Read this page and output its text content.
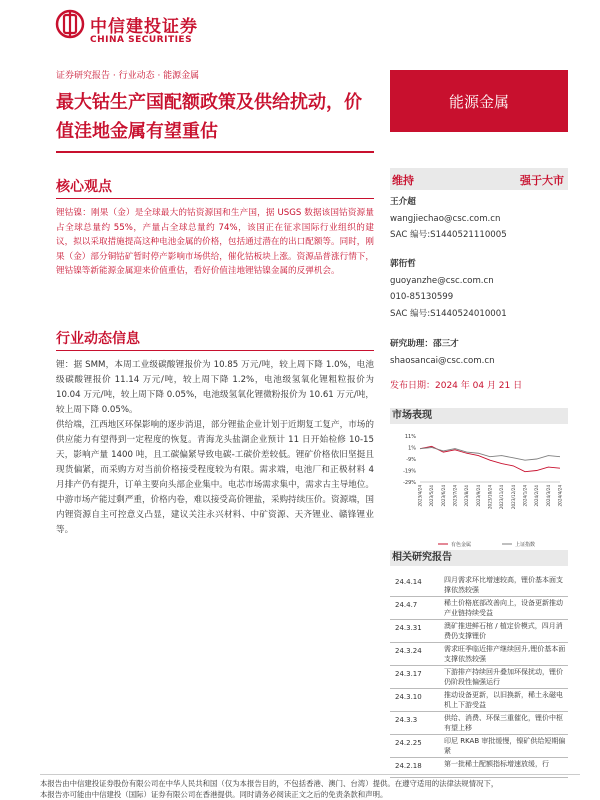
中信建投证券
CHINA SECURITIES
证券研究报告 · 行业动态 · 能源金属
最大钴生产国配额政策及供给扰动，价值洼地金属有望重估
能源金属
核心观点
锂钴镍：刚果（金）是全球最大的钴资源国和生产国，据 USGS 数据该国钴资源量占全球总量约 55%，产量占全球总量约 74%，该国正在征求国际行业组织的建议，拟以采取措施提高这种电池金属的价格，包括通过潜在的出口配额等。同时，刚果（金）部分铜钴矿暂时停产影响市场供给，催化钴板块上涨。资源品普涨行情下，锂钴镍等新能源金属迎来价值重估，看好价值洼地锂钴镍金属的反弹机会。
行业动态信息

锂：据 SMM，本周工业级碳酸锂报价为 10.85 万元/吨，较上周下降 1.0%，电池级碳酸锂报价 11.14 万元/吨，较上周下降 1.2%，电池级氢氧化锂粗粒报价为 10.04 万元/吨，较上周下降 0.05%，电池级氢氧化锂微粉报价为 10.61 万元/吨，较上周下降 0.05%。

供给端，江西地区环保影响的逐步消退，部分锂盐企业计划于近期复工复产，市场的供应能力有望得到一定程度的恢复。青海龙头盐湖企业预计 11 日开始检修 10-15 天，影响产量 1400 吨，且工碳偏紧导致电碳-工碳价差较低。锂矿价格依旧坚挺且现货偏紧，而采购方对当前价格接受程度较为有限。需求端，电池厂和正极材料 4 月排产仍有提升，订单主要向头部企业集中。电芯市场需求集中，需求古主导地位。中游市场产能过剩严重，价格内卷，难以接受高价锂盐，采购持续压价。资源端，国内锂资源自主可控意义凸显，建议关注永兴材料、中矿资源、天齐锂业、赣锋锂业等。

维持	强于大市
王介超
wangjiechao@csc.com.cn
SAC 编号:S1440521110005
郭衎哲
guoyanzhe@csc.com.cn
010-85130599
SAC 编号:S1440524010001
研究助理：邵三才
shaosancai@csc.com.cn
发布日期：2024 年 04 月 21 日
市场表现
11%
1%
-9%
-19%
-29%
2023/4/24 2023/5/24 2023/6/24 2023/7/24 2023/8/24 2023/9/24 2023/10/24 2023/11/24 2023/12/24 2024/1/24 2024/2/24 2024/3/24 2024/4/24
有色金属	上证指数
相关研究报告
24.4.14	四月需求环比增速较高，锂价基本面支撑依然较强
24.4.7	稀土价格底部改善向上，设备更新推动产业链持续受益
24.3.31	澳矿推进鲜石棺 / 植定价模式，四月消费仍支撑锂价
24.3.24	需求旺季临近排产继续回升,锂价基本面支撑依然较强
24.3.17	下游排产持续回升叠加环保扰动，锂价仍阶段性偏强运行
24.3.10	推动设备更新，以旧换新，稀土永磁电机上下游受益
24.3.3	供给、消费、环保三重催化，锂价中枢有望上移
24.2.25	印尼 RKAB 审批缓慢，镍矿供给短期偏紧
24.2.18	第一批稀土配额指标增速放缓，行
本报告由中信建投证券股份有限公司在中华人民共和国（仅为本报告目的，不包括香港、澳门、台湾）提供。在遵守适用的法律法规情况下，
本报告亦可能由中信建投（国际）证券有限公司在香港提供。同时请务必阅读正文之后的免责条款和声明。
